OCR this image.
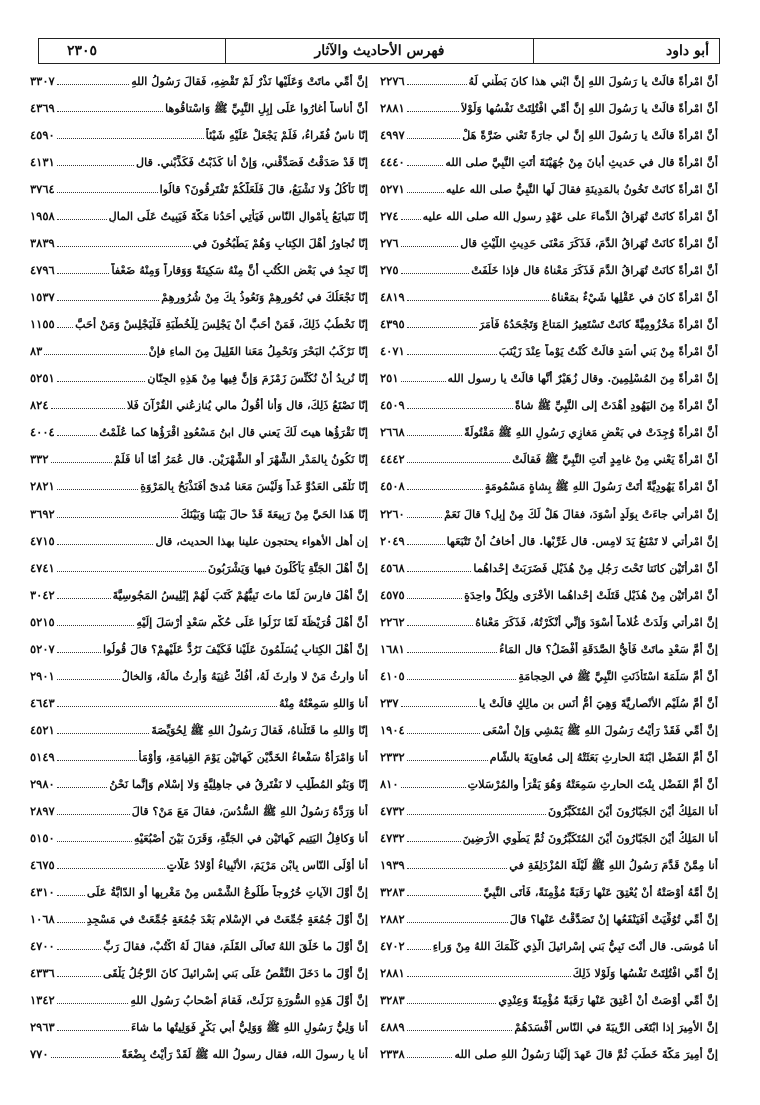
أبو داود
فهرس الأحاديث والآثار
٢٣٠٥
أنَّ امْرأةً قالَتْ يا رَسُولَ اللهِ إنَّ ابْني هذا كانَ بَطْني لَهُ
٢٢٧٦
أنَّ امْرأةً قالَتْ يا رَسُولَ اللهِ إنَّ أُمِّي افْتُلِتَتْ نَفْسُها وَلَوْلاَ
٢٨٨١
أنَّ امْرأةً قالَتْ يا رَسُولَ اللهِ إنَّ لي جارَةً تَعْني ضَرَّةً هَلْ
٤٩٩٧
أنَّ امْرأةً قال في حَديثِ أبانَ مِنْ جُهَيْنَةَ أتَتِ النَّبِيَّ صلى الله
٤٤٤٠
أنَّ امْرأةً كانَتْ تَخُونُ بالمَدِينَةِ فقالَ لَها النَّبِيُّ صلى الله عليه
٥٢٧١
أنَّ امْرأةً كانَتْ تُهَراقُ الدِّماءَ على عَهْدِ رسولِ الله صلى الله عليه
٢٧٤
أنَّ امْرأةً كانَتْ تُهَراقُ الدَّمَ، فَذَكَرَ مَعْنَى حَدِيثِ اللَّيْثِ قال
٢٧٦
أنَّ امْرأةً كانَتْ تُهَراقُ الدَّمَ فَذَكَرَ مَعْناهُ قال فإذا خَلَفَتْ
٢٧٥
أنَّ امْرأةً كانَ في عَقْلِها شَيْءٌ بمَعْناهُ
٤٨١٩
أنَّ امْرأةً مَخْزُومِيَّةً كانَتْ تَسْتَعِيرُ المَتاعَ وَتَجْحَدُهُ فَأمَرَ
٤٣٩٥
أنَّ امْرأةً مِنْ بَني أسَدٍ قالَتْ كُنْتُ يَوْماً عِنْدَ زَيْنَبَ
٤٠٧١
إنَّ امْرأةً مِنَ المُسْلِمِينَ. وقال زُهَيْرٌ أنَّها قالَتْ يا رسول الله
٢٥١
أنَّ امْرأةً مِنَ اليَهُودِ أهْدَتْ إلى النَّبِيِّ ﷺ شاةً
٤٥٠٩
أنَّ امْرأةً وُجِدَتْ في بَعْضِ مَغازِي رَسُولِ اللهِ ﷺ مَقْتُولَةً
٢٦٦٨
أنَّ امْرأةً يَعْني مِنْ غامِدٍ أتَتِ النَّبِيَّ ﷺ فَقالَتْ
٤٤٤٢
أنَّ امْرأةً يَهُودِيَّةً أتَتْ رَسُولَ اللهِ ﷺ بِشاةٍ مَسْمُومَةٍ
٤٥٠٨
إنَّ امْرأتي جاءَتْ بِوَلَدٍ أسْوَدَ، فقالَ هَلْ لَكَ مِنْ إبِلٍ؟ قالَ نَعَمْ
٢٢٦٠
إنَّ امْرأتي لا تَمْنَعُ يَدَ لامِسٍ. قال غَرِّبْها. قال أخافُ أنْ تَتْبَعَها
٢٠٤٩
أنَّ امْرأتَيْنِ كانَتا تَحْتَ رَجُلٍ مِنْ هُذَيْلٍ فَضَرَبَتْ إحْداهُما
٤٥٦٨
أنَّ امْرأتَيْنِ مِنْ هُذَيْلٍ قَتَلَتْ إحْداهُما الأُخْرَى ولِكُلٍّ واحِدَةٍ
٤٥٧٥
إنَّ امْرأتي وَلَدَتْ غُلاماً أسْوَدَ وَإنِّي أنْكَرْتُهُ، فَذَكَرَ مَعْناهُ
٢٢٦٢
إنَّ أُمَّ سَعْدٍ ماتَتْ فَأيُّ الصَّدَقَةِ أفْضَلُ؟ قال المَاءُ
١٦٨١
أنَّ أُمَّ سَلَمَةَ اسْتَأذَنَتِ النَّبِيَّ ﷺ في الحِجامَةِ
٤١٠٥
أنَّ أُمَّ سُلَيْمٍ الأنْصارِيَّةَ وَهِيَ أُمُّ أنَسِ بنِ مالِكٍ قالَتْ يا
٢٣٧
إنَّ أُمِّي فَقَدْ رَأيْتُ رَسُولَ اللهِ ﷺ يَمْشِي وَإنْ أسْعَى
١٩٠٤
أنَّ أُمَّ الفَضْلِ ابْنَةَ الحارِثِ بَعَثَتْهُ إلى مُعاوِيَةَ بالشّامِ
٢٣٣٢
أنَّ أُمَّ الفَضْلِ بِنْتَ الحارِثِ سَمِعَتْهُ وَهُوَ يَقْرَأُ والمُرْسَلاتِ
٨١٠
أنا المَلِكُ أيْنَ الجَبّارُونَ أيْنَ المُتَكَبِّرُونَ
٤٧٣٢
أنا المَلِكُ أيْنَ الجَبّارُونَ أيْنَ المُتَكَبِّرُونَ ثُمَّ يَطْوِي الأرَضِينَ
٤٧٣٢
أنا مِمَّنْ قَدَّمَ رَسُولُ اللهِ ﷺ لَيْلَةَ المُزْدَلِفَةِ في
١٩٣٩
إنَّ أُمَّهُ أوْصَتْهُ أنْ يُعْتِقَ عَنْها رَقَبَةً مُؤْمِنَةً، فَأتَى النَّبِيَّ
٣٢٨٣
إنَّ أُمِّي تُوُفِّيَتْ أفَيَنْفَعُها إنْ تَصَدَّقْتُ عَنْها؟ قالَ
٢٨٨٢
أنا مُوسَى. قال أنْتَ نَبِيُّ بَني إسْرائيلَ الَّذِي كَلَّمَكَ اللهُ مِنْ وَراءِ
٤٧٠٢
إنَّ أُمِّي افْتُلِتَتْ نَفْسُها وَلَوْلا ذَلِكَ
٢٨٨١
إنَّ أُمِّي أوْصَتْ أنْ أُعْتِقَ عَنْها رَقَبَةً مُؤْمِنَةً وَعِنْدِي
٣٢٨٣
إنَّ الأمِيرَ إذا ابْتَغَى الرِّيبَةَ في النّاسِ أفْسَدَهُمْ
٤٨٨٩
إنَّ أمِيرَ مَكَّةَ خَطَبَ ثُمَّ قالَ عَهِدَ إلَيْنا رَسُولُ اللهِ صلى الله
٢٣٣٨
إنَّ أُمِّي ماتَتْ وَعَلَيْها نَذْرٌ لَمْ تَقْضِهِ، فَقالَ رَسُولُ اللهِ
٣٣٠٧
أنَّ أُناساً أغارُوا عَلَى إبِلِ النَّبِيِّ ﷺ وَاسْتاقُوها
٤٣٦٩
إنّا ناسٌ فُقَراءُ، فَلَمْ يَجْعَلْ عَلَيْهِ شَيْئاً
٤٥٩٠
إنّا قَدْ صَدَقْتُ فَصَدِّقْني، وَإنْ أنا كَذَبْتُ فَكَذِّبْني. قال
٤١٣١
إنّا نَأكُلُ وَلا نَشْبَعُ، قالَ فَلَعَلَّكُمْ تَفْتَرِقُونَ؟ قالُوا
٣٧٦٤
إنّا نَتَبايَعُ بِأمْوالِ النّاسِ فَيَأتِي أحَدُنا مَكَّةَ فَيَبِيتُ عَلَى المالِ
١٩٥٨
إنّا نُجاوِرُ أهْلَ الكِتابِ وَهُمْ يَطْبُخُونَ في
٣٨٣٩
إنّا نَجِدُ في بَعْضِ الكُتُبِ أنَّ مِنْهُ سَكِينَةً وَوَقاراً وَمِنْهُ ضَعْفاً
٤٧٩٦
إنّا نَجْعَلُكَ في نُحُورِهِمْ وَنَعُوذُ بِكَ مِنْ شُرُورِهِمْ
١٥٣٧
إنّا نَخْطُبُ ذَلِكَ، فَمَنْ أحَبَّ أنْ يَجْلِسَ لِلْخُطْبَةِ فَلْيَجْلِسْ وَمَنْ أحَبَّ
١١٥٥
إنّا نَرْكَبُ البَحْرَ وَنَحْمِلُ مَعَنا القَلِيلَ مِنَ الماءِ فإنْ
٨٣
إنّا نُرِيدُ أنْ نُكَنِّسَ زَمْزَمَ وَإنَّ فِيها مِنْ هَذِهِ الجِنّانِ
٥٢٥١
إنّا نَصْنَعُ ذَلِكَ، قال وَأنا أقُولُ مالي يُنازِعُني القُرْآنَ فَلا
٨٢٤
إنّا نَقْرَؤُها هيتَ لَكَ يَعني قال ابنُ مَسْعُودٍ اقْرَؤُها كما عُلِّمْتُ
٤٠٠٤
إنّا نَكُونُ بِالمَدْرِ الشَّهْرَ أو الشَّهْرَيْنِ. قال عُمَرُ أمّا أنا فَلَمْ
٣٣٢
إنّا نَلْقَى العَدُوَّ غَداً وَلَيْسَ مَعَنا مُدىً أفَنَذْبَحُ بِالمَرْوَةِ
٢٨٢١
إنّا هَذا الحَيَّ مِنْ رَبِيعَةَ قَدْ حالَ بَيْنَنا وَبَيْنَكَ
٣٦٩٢
إن أهل الأهواء يحتجون علينا بهذا الحديث، قال
٤٧١٥
إنَّ أهْلَ الجَنَّةِ يَأكُلُونَ فيها وَيَشْرَبُونَ
٤٧٤١
إنَّ أهْلَ فارِسَ لَمّا ماتَ نَبِيُّهُمْ كَتَبَ لَهُمْ إبْلِيسُ المَجُوسِيَّةَ
٣٠٤٢
أنَّ أهْلَ قُرَيْظَةَ لَمّا نَزَلُوا عَلَى حُكْمِ سَعْدٍ أرْسَلَ إلَيْهِ
٥٢١٥
إنَّ أهْلَ الكِتابِ يُسَلِّمُونَ عَلَيْنا فَكَيْفَ نَرُدُّ عَلَيْهِمْ؟ قالَ قُولُوا
٥٢٠٧
أنا وارِثُ مَنْ لا وارِثَ لَهُ، أفُكُّ عُنِيَهُ وَأرِثُ مالَهُ، وَالخالُ
٢٩٠١
أنا وَاللهِ سَمِعْتُهُ مِنْهُ
٤٦٤٣
إنّا وَاللهِ ما قَتَلْناهُ، فَقالَ رَسُولُ اللهِ ﷺ لِحُوَيِّصَةَ
٤٥٢١
أنا وَامْرَأةٌ سَفْعاءُ الخَدَّيْنِ كَهاتَيْنِ يَوْمَ القِيامَةِ، وَأوْمَأ
٥١٤٩
إنّا وَبَنُو المُطَّلِبِ لا نَفْتَرِقُ في جاهِلِيَّةٍ وَلا إسْلامٍ وَإنَّما نَحْنُ
٢٩٨٠
أنا وَرَدَّهُ رَسُولُ اللهِ ﷺ السُّدُسَ، فقالَ مَعَ مَنْ؟ قالَ
٢٨٩٧
أنا وَكافِلُ اليَتِيمِ كَهاتَيْنِ في الجَنَّةِ، وَقَرَنَ بَيْنَ أُصْبُعَيْهِ
٥١٥٠
أنا أوْلَى النّاسِ بِابْنِ مَرْيَمَ، الأنْبِياءُ أوْلادُ عَلّاتٍ
٤٦٧٥
إنَّ أوَّلَ الآياتِ خُرُوجاً طُلُوعُ الشَّمْسِ مِنْ مَغْرِبِها أو الدّابَّةُ عَلَى
٤٣١٠
إنَّ أوَّلَ جُمُعَةٍ جُمِّعَتْ في الإسْلامِ بَعْدَ جُمُعَةٍ جُمِّعَتْ في مَسْجِدِ
١٠٦٨
إنَّ أوَّلَ ما خَلَقَ اللهُ تَعالَى القَلَمَ، فقالَ لَهُ اكْتُبْ، فقالَ رَبِّ
٤٧٠٠
إنَّ أوَّلَ ما دَخَلَ النَّقْصُ عَلَى بَني إسْرائيلَ كانَ الرَّجُلُ يَلْقَى
٤٣٣٦
إنَّ أوَّلَ هَذِهِ السُّورَةِ نَزَلَتْ، فَقامَ أصْحابُ رَسُولِ اللهِ
١٣٤٢
أنا وَلِيُّ رَسُولِ اللهِ ﷺ وَوَلِيُّ أبي بَكْرٍ فَوَلِيتُها ما شاءَ
٢٩٦٣
أنا يا رسولَ الله، فقال رسولُ الله ﷺ لَقَدْ رَأيْتُ بِضْعَةً
٧٧٠
